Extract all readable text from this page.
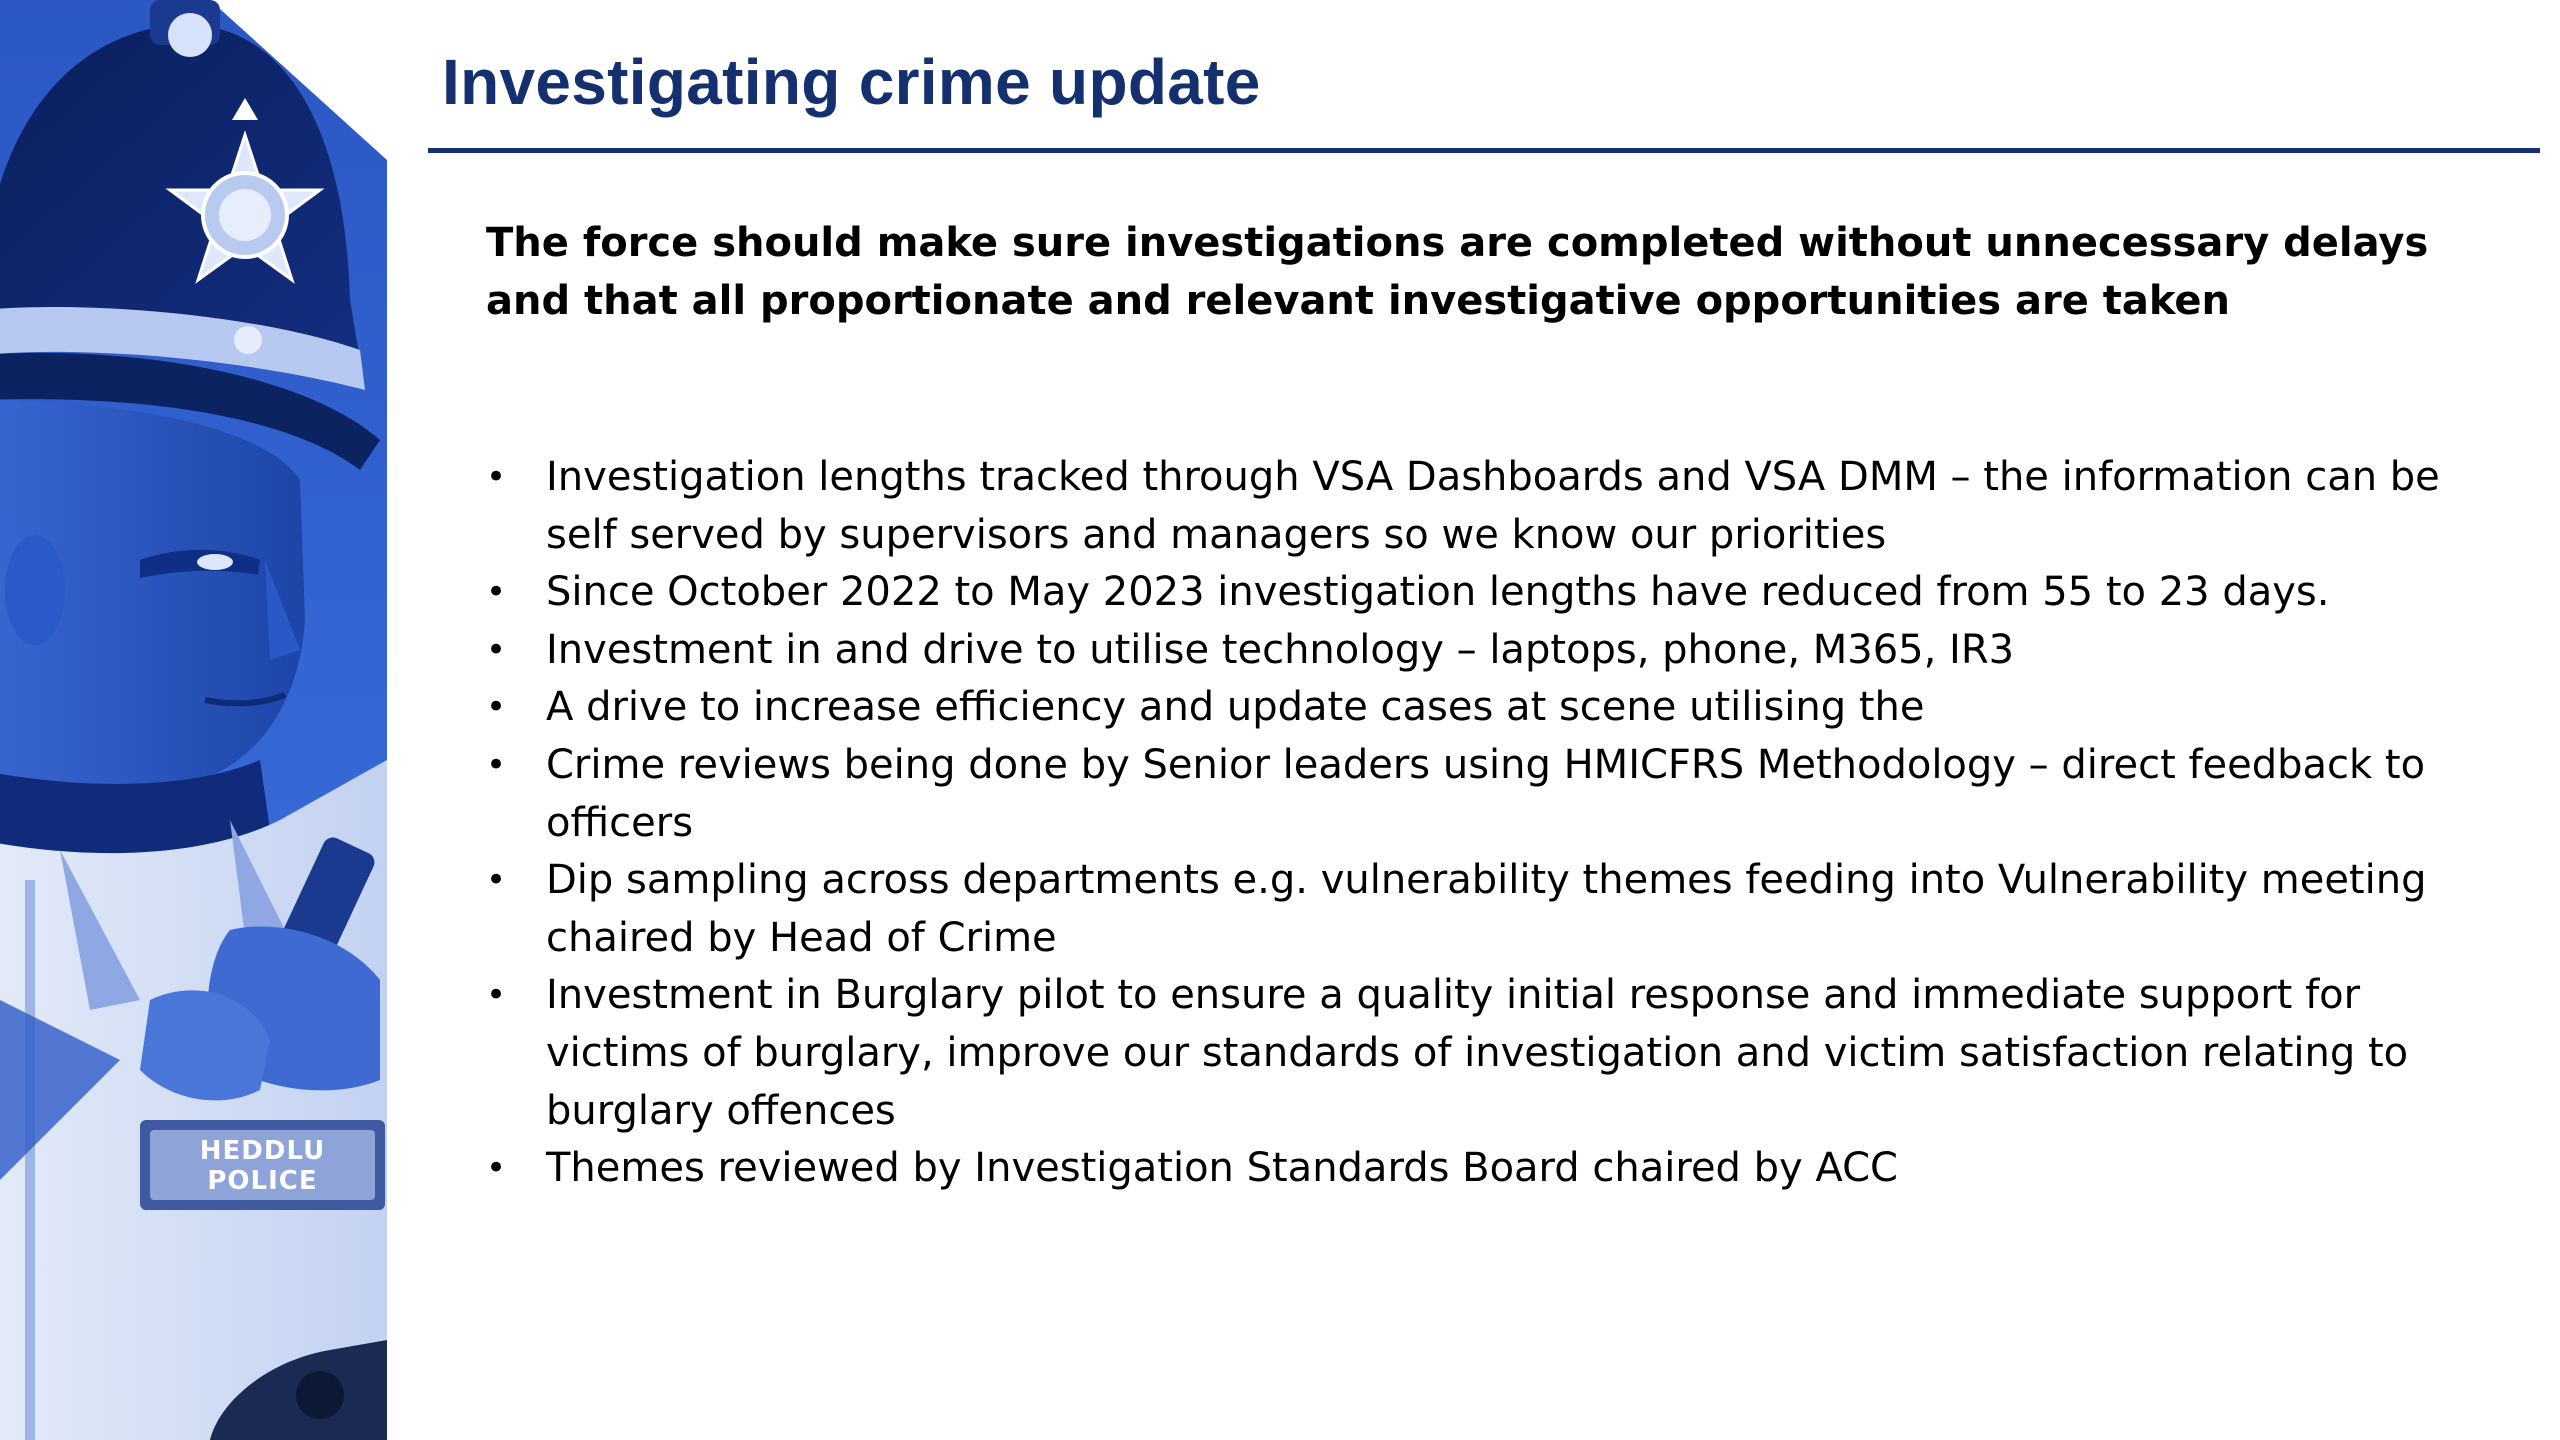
HEDDLU POLICE
Investigating crime update

The force should make sure investigations are completed without unnecessary delays and that all proportionate and relevant investigative opportunities are taken

• Investigation lengths tracked through VSA Dashboards and VSA DMM – the information can be self served by supervisors and managers so we know our priorities
• Since October 2022 to May 2023 investigation lengths have reduced from 55 to 23 days.
• Investment in and drive to utilise technology – laptops, phone, M365, IR3
• A drive to increase efficiency and update cases at scene utilising the
• Crime reviews being done by Senior leaders using HMICFRS Methodology – direct feedback to officers
• Dip sampling across departments e.g. vulnerability themes feeding into Vulnerability meeting chaired by Head of Crime
• Investment in Burglary pilot to ensure a quality initial response and immediate support for victims of burglary, improve our standards of investigation and victim satisfaction relating to burglary offences
• Themes reviewed by Investigation Standards Board chaired by ACC
